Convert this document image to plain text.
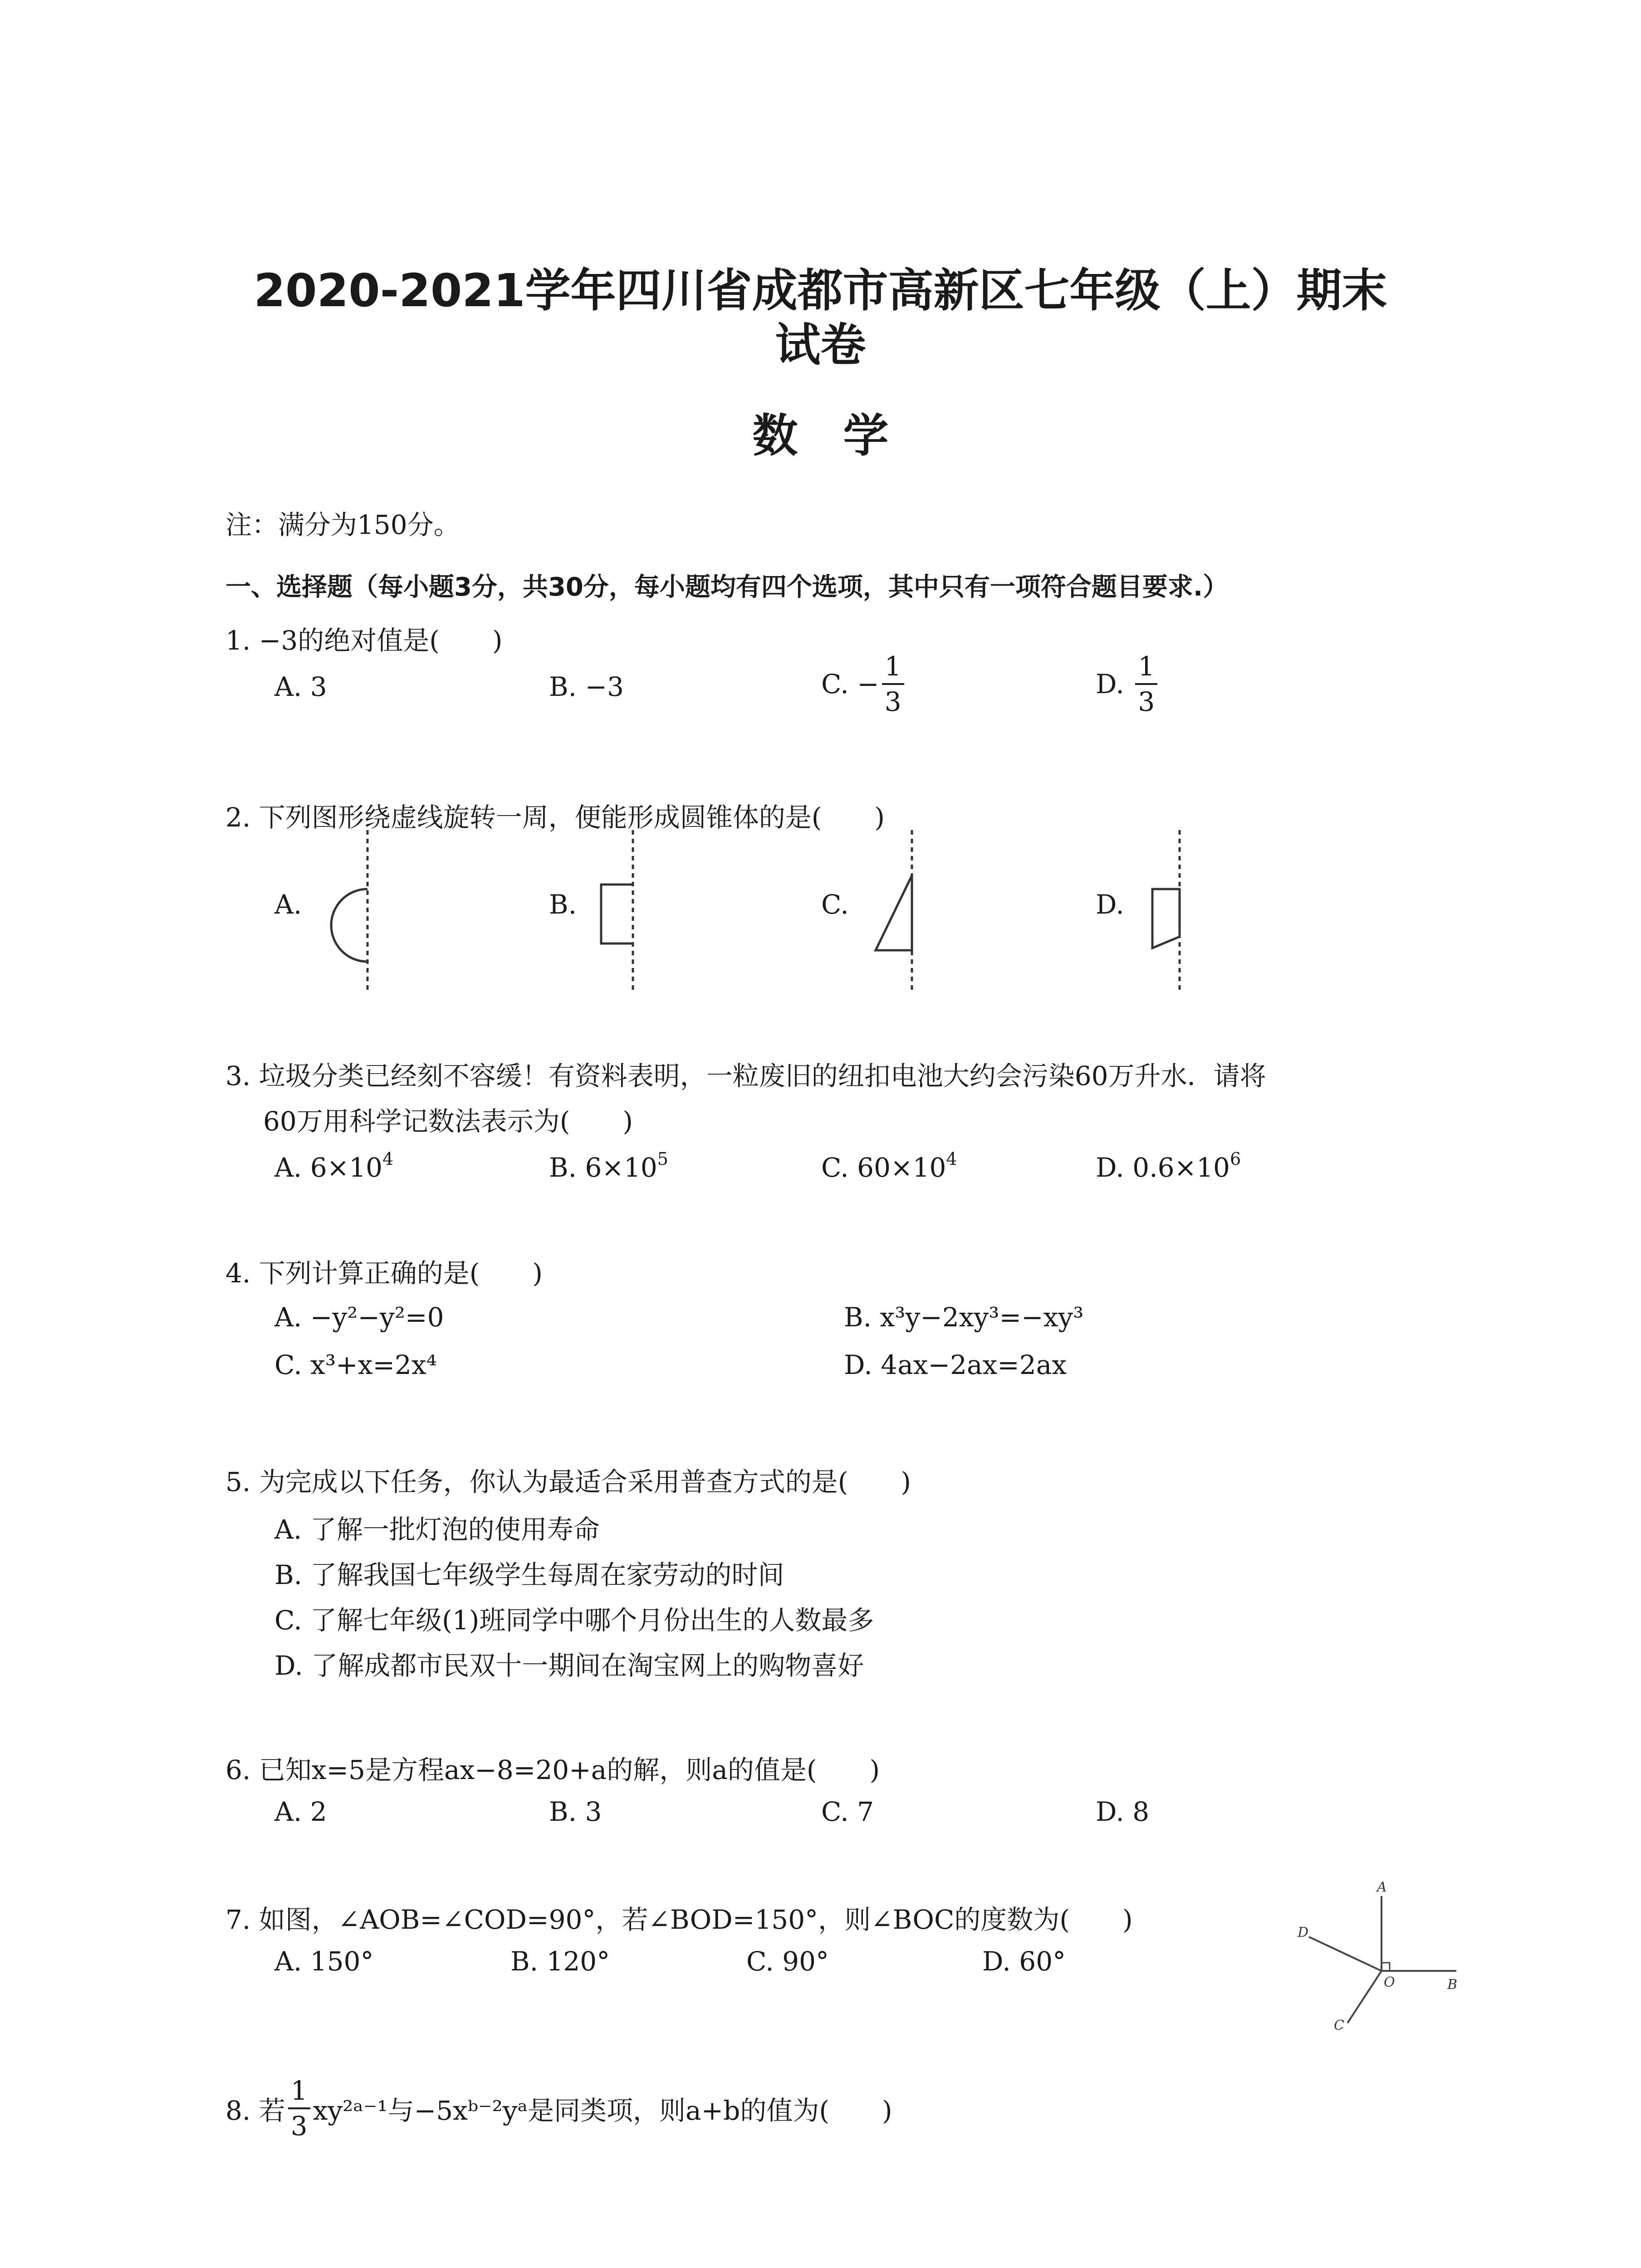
2020-2021学年四川省成都市高新区七年级（上）期末
试卷
数学
注：满分为150分。
一、选择题（每小题3分，共30分，每小题均有四个选项，其中只有一项符合题目要求.）
1. −3的绝对值是(　　)
A. 3	B. −3	C. − $\frac{1}{3}$	D. $\frac{1}{3}$
2. 下列图形绕虚线旋转一周，便能形成圆锥体的是(　　)
A.	B.	C.	D.
3. 垃圾分类已经刻不容缓！有资料表明，一粒废旧的纽扣电池大约会污染60万升水．请将
60万用科学记数法表示为(　　)
A. $6\times 10^4$	B. $6\times 10^5$	C. $60\times 10^4$	D. $0.6\times 10^6$
4. 下列计算正确的是(　　)
A. −y²−y²=0	B. x³y−2xy³=−xy³
C. x³+x=2x⁴	D. 4ax−2ax=2ax
5. 为完成以下任务，你认为最适合采用普查方式的是(　　)
A. 了解一批灯泡的使用寿命
B. 了解我国七年级学生每周在家劳动的时间
C. 了解七年级(1)班同学中哪个月份出生的人数最多
D. 了解成都市民双十一期间在淘宝网上的购物喜好
6. 已知x=5是方程ax−8=20+a的解，则a的值是(　　)
A. 2	B. 3	C. 7	D. 8
7. 如图，∠AOB=∠COD=90°，若∠BOD=150°，则∠BOC的度数为(　　)
A. 150°	B. 120°	C. 90°	D. 60°
A
D
O	B
C
8. 若 $\frac{1}{3}$ xy²ᵃ⁻¹与−5xᵇ⁻²yᵃ是同类项，则a+b的值为(　　)
